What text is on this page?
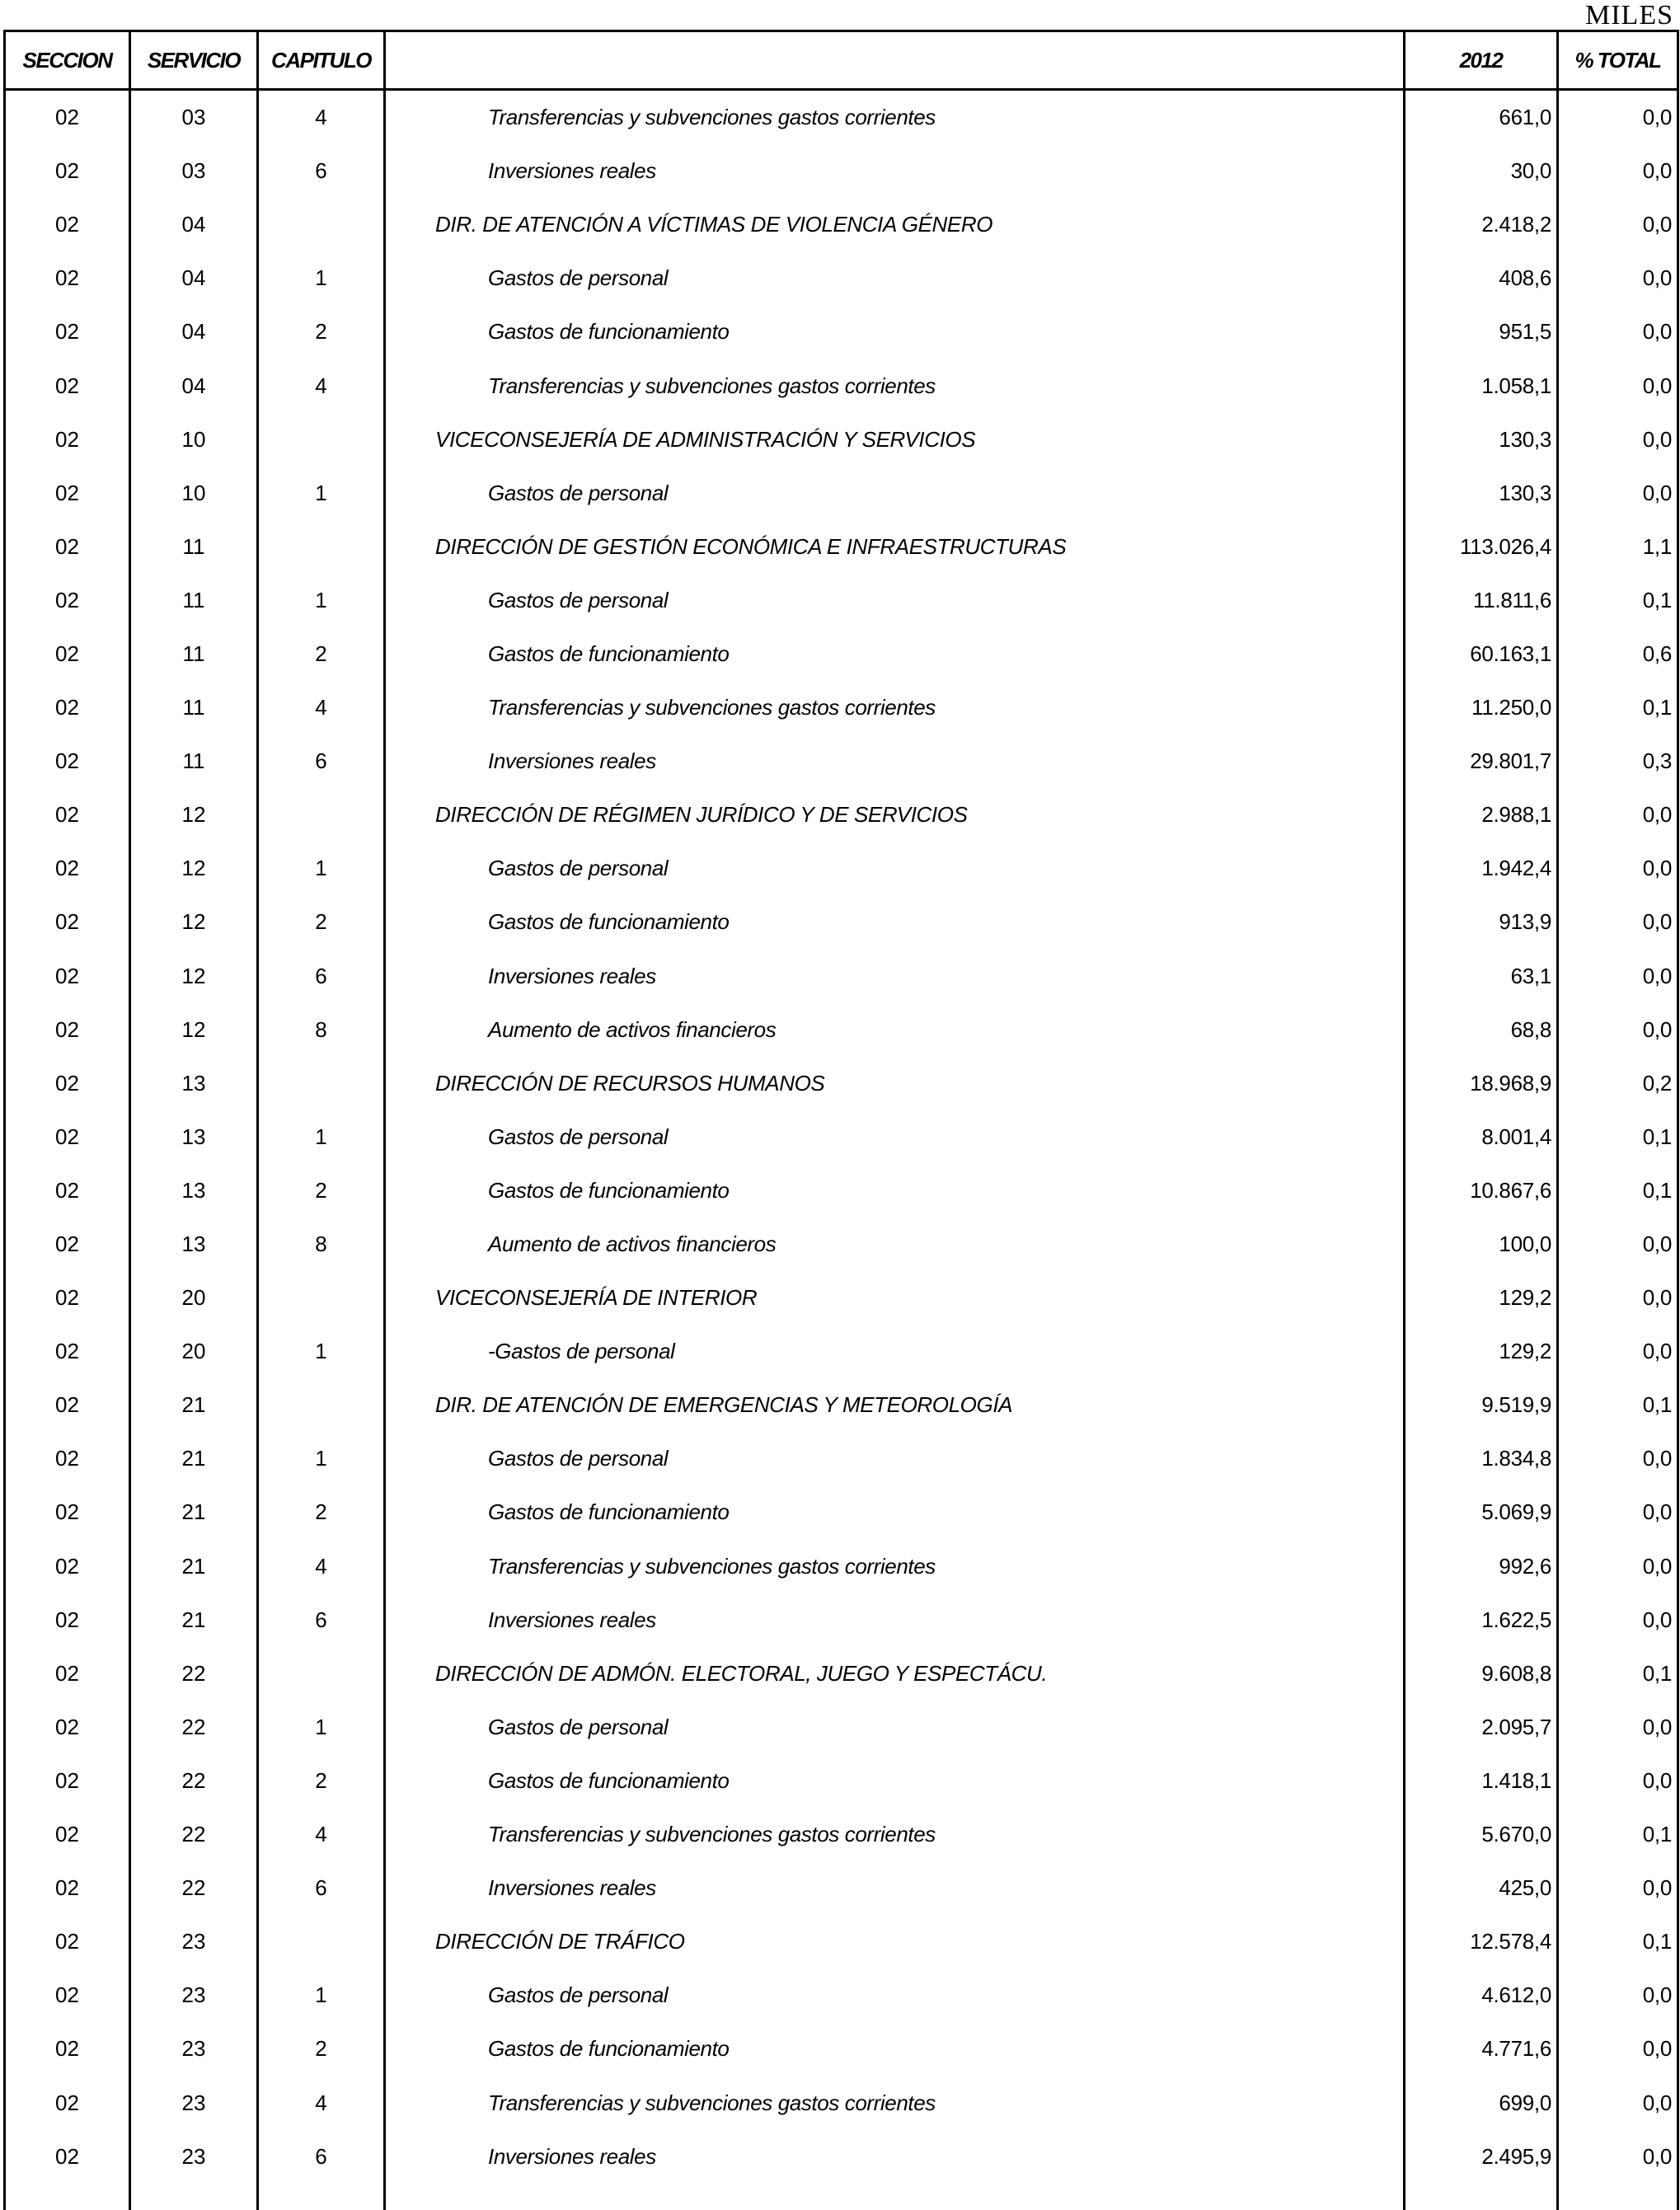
MILES
SECCION	SERVICIO	CAPITULO		2012	% TOTAL
02	03	4	Transferencias y subvenciones gastos corrientes	661,0	0,0
02	03	6	Inversiones reales	30,0	0,0
02	04		DIR. DE ATENCIÓN A VÍCTIMAS DE VIOLENCIA GÉNERO	2.418,2	0,0
02	04	1	Gastos de personal	408,6	0,0
02	04	2	Gastos de funcionamiento	951,5	0,0
02	04	4	Transferencias y subvenciones gastos corrientes	1.058,1	0,0
02	10		VICECONSEJERÍA DE ADMINISTRACIÓN Y SERVICIOS	130,3	0,0
02	10	1	Gastos de personal	130,3	0,0
02	11		DIRECCIÓN DE GESTIÓN ECONÓMICA E INFRAESTRUCTURAS	113.026,4	1,1
02	11	1	Gastos de personal	11.811,6	0,1
02	11	2	Gastos de funcionamiento	60.163,1	0,6
02	11	4	Transferencias y subvenciones gastos corrientes	11.250,0	0,1
02	11	6	Inversiones reales	29.801,7	0,3
02	12		DIRECCIÓN DE RÉGIMEN JURÍDICO Y DE SERVICIOS	2.988,1	0,0
02	12	1	Gastos de personal	1.942,4	0,0
02	12	2	Gastos de funcionamiento	913,9	0,0
02	12	6	Inversiones reales	63,1	0,0
02	12	8	Aumento de activos financieros	68,8	0,0
02	13		DIRECCIÓN DE RECURSOS HUMANOS	18.968,9	0,2
02	13	1	Gastos de personal	8.001,4	0,1
02	13	2	Gastos de funcionamiento	10.867,6	0,1
02	13	8	Aumento de activos financieros	100,0	0,0
02	20		VICECONSEJERÍA DE INTERIOR	129,2	0,0
02	20	1	-Gastos de personal	129,2	0,0
02	21		DIR. DE ATENCIÓN DE EMERGENCIAS Y METEOROLOGÍA	9.519,9	0,1
02	21	1	Gastos de personal	1.834,8	0,0
02	21	2	Gastos de funcionamiento	5.069,9	0,0
02	21	4	Transferencias y subvenciones gastos corrientes	992,6	0,0
02	21	6	Inversiones reales	1.622,5	0,0
02	22		DIRECCIÓN DE ADMÓN. ELECTORAL, JUEGO Y ESPECTÁCU.	9.608,8	0,1
02	22	1	Gastos de personal	2.095,7	0,0
02	22	2	Gastos de funcionamiento	1.418,1	0,0
02	22	4	Transferencias y subvenciones gastos corrientes	5.670,0	0,1
02	22	6	Inversiones reales	425,0	0,0
02	23		DIRECCIÓN DE TRÁFICO	12.578,4	0,1
02	23	1	Gastos de personal	4.612,0	0,0
02	23	2	Gastos de funcionamiento	4.771,6	0,0
02	23	4	Transferencias y subvenciones gastos corrientes	699,0	0,0
02	23	6	Inversiones reales	2.495,9	0,0
